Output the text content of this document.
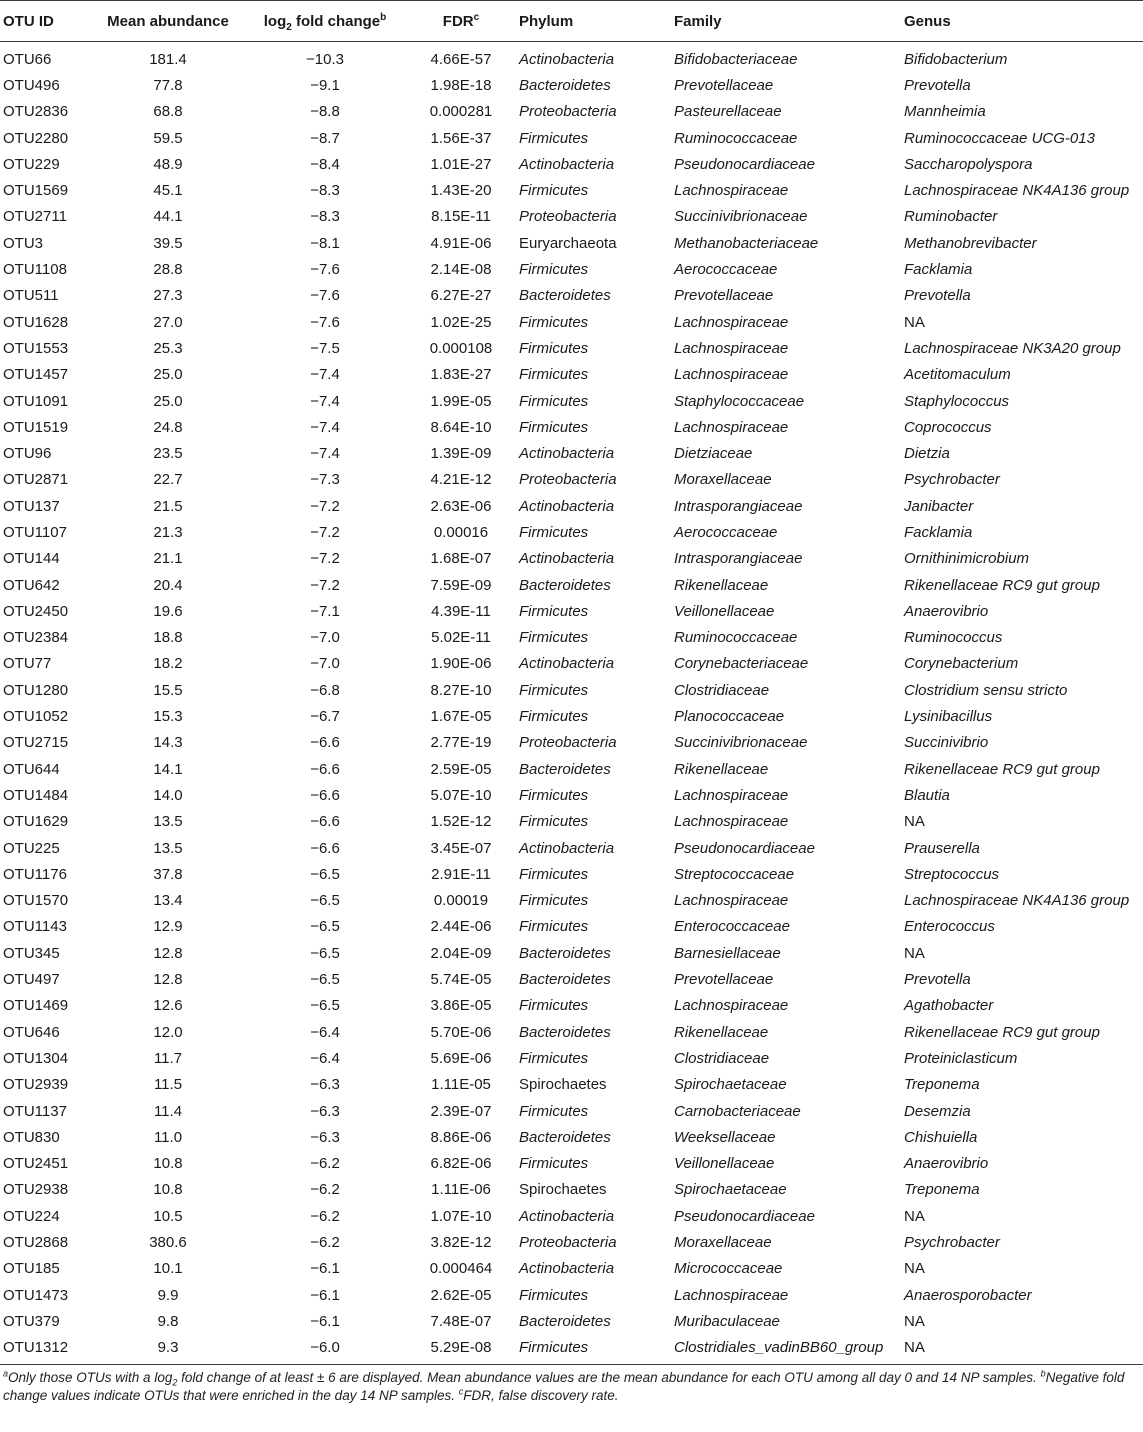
OTU ID	Mean abundance	$\log_2$ fold change$^b$	FDR$^c$	Phylum	Family	Genus
OTU66	181.4	−10.3	4.66E-57	Actinobacteria	Bifidobacteriaceae	Bifidobacterium
OTU496	77.8	−9.1	1.98E-18	Bacteroidetes	Prevotellaceae	Prevotella
OTU2836	68.8	−8.8	0.000281	Proteobacteria	Pasteurellaceae	Mannheimia
OTU2280	59.5	−8.7	1.56E-37	Firmicutes	Ruminococcaceae	Ruminococcaceae UCG-013
OTU229	48.9	−8.4	1.01E-27	Actinobacteria	Pseudonocardiaceae	Saccharopolyspora
OTU1569	45.1	−8.3	1.43E-20	Firmicutes	Lachnospiraceae	Lachnospiraceae NK4A136 group
OTU2711	44.1	−8.3	8.15E-11	Proteobacteria	Succinivibrionaceae	Ruminobacter
OTU3	39.5	−8.1	4.91E-06	Euryarchaeota	Methanobacteriaceae	Methanobrevibacter
OTU1108	28.8	−7.6	2.14E-08	Firmicutes	Aerococcaceae	Facklamia
OTU511	27.3	−7.6	6.27E-27	Bacteroidetes	Prevotellaceae	Prevotella
OTU1628	27.0	−7.6	1.02E-25	Firmicutes	Lachnospiraceae	NA
OTU1553	25.3	−7.5	0.000108	Firmicutes	Lachnospiraceae	Lachnospiraceae NK3A20 group
OTU1457	25.0	−7.4	1.83E-27	Firmicutes	Lachnospiraceae	Acetitomaculum
OTU1091	25.0	−7.4	1.99E-05	Firmicutes	Staphylococcaceae	Staphylococcus
OTU1519	24.8	−7.4	8.64E-10	Firmicutes	Lachnospiraceae	Coprococcus
OTU96	23.5	−7.4	1.39E-09	Actinobacteria	Dietziaceae	Dietzia
OTU2871	22.7	−7.3	4.21E-12	Proteobacteria	Moraxellaceae	Psychrobacter
OTU137	21.5	−7.2	2.63E-06	Actinobacteria	Intrasporangiaceae	Janibacter
OTU1107	21.3	−7.2	0.00016	Firmicutes	Aerococcaceae	Facklamia
OTU144	21.1	−7.2	1.68E-07	Actinobacteria	Intrasporangiaceae	Ornithinimicrobium
OTU642	20.4	−7.2	7.59E-09	Bacteroidetes	Rikenellaceae	Rikenellaceae RC9 gut group
OTU2450	19.6	−7.1	4.39E-11	Firmicutes	Veillonellaceae	Anaerovibrio
OTU2384	18.8	−7.0	5.02E-11	Firmicutes	Ruminococcaceae	Ruminococcus
OTU77	18.2	−7.0	1.90E-06	Actinobacteria	Corynebacteriaceae	Corynebacterium
OTU1280	15.5	−6.8	8.27E-10	Firmicutes	Clostridiaceae	Clostridium sensu stricto
OTU1052	15.3	−6.7	1.67E-05	Firmicutes	Planococcaceae	Lysinibacillus
OTU2715	14.3	−6.6	2.77E-19	Proteobacteria	Succinivibrionaceae	Succinivibrio
OTU644	14.1	−6.6	2.59E-05	Bacteroidetes	Rikenellaceae	Rikenellaceae RC9 gut group
OTU1484	14.0	−6.6	5.07E-10	Firmicutes	Lachnospiraceae	Blautia
OTU1629	13.5	−6.6	1.52E-12	Firmicutes	Lachnospiraceae	NA
OTU225	13.5	−6.6	3.45E-07	Actinobacteria	Pseudonocardiaceae	Prauserella
OTU1176	37.8	−6.5	2.91E-11	Firmicutes	Streptococcaceae	Streptococcus
OTU1570	13.4	−6.5	0.00019	Firmicutes	Lachnospiraceae	Lachnospiraceae NK4A136 group
OTU1143	12.9	−6.5	2.44E-06	Firmicutes	Enterococcaceae	Enterococcus
OTU345	12.8	−6.5	2.04E-09	Bacteroidetes	Barnesiellaceae	NA
OTU497	12.8	−6.5	5.74E-05	Bacteroidetes	Prevotellaceae	Prevotella
OTU1469	12.6	−6.5	3.86E-05	Firmicutes	Lachnospiraceae	Agathobacter
OTU646	12.0	−6.4	5.70E-06	Bacteroidetes	Rikenellaceae	Rikenellaceae RC9 gut group
OTU1304	11.7	−6.4	5.69E-06	Firmicutes	Clostridiaceae	Proteiniclasticum
OTU2939	11.5	−6.3	1.11E-05	Spirochaetes	Spirochaetaceae	Treponema
OTU1137	11.4	−6.3	2.39E-07	Firmicutes	Carnobacteriaceae	Desemzia
OTU830	11.0	−6.3	8.86E-06	Bacteroidetes	Weeksellaceae	Chishuiella
OTU2451	10.8	−6.2	6.82E-06	Firmicutes	Veillonellaceae	Anaerovibrio
OTU2938	10.8	−6.2	1.11E-06	Spirochaetes	Spirochaetaceae	Treponema
OTU224	10.5	−6.2	1.07E-10	Actinobacteria	Pseudonocardiaceae	NA
OTU2868	380.6	−6.2	3.82E-12	Proteobacteria	Moraxellaceae	Psychrobacter
OTU185	10.1	−6.1	0.000464	Actinobacteria	Micrococcaceae	NA
OTU1473	9.9	−6.1	2.62E-05	Firmicutes	Lachnospiraceae	Anaerosporobacter
OTU379	9.8	−6.1	7.48E-07	Bacteroidetes	Muribaculaceae	NA
OTU1312	9.3	−6.0	5.29E-08	Firmicutes	Clostridiales_vadinBB60_group	NA
$^a$Only those OTUs with a $\log_2$ fold change of at least ± 6 are displayed. Mean abundance values are the mean abundance for each OTU among all day 0 and 14 NP samples. $^b$Negative fold change values indicate OTUs that were enriched in the day 14 NP samples. $^c$FDR, false discovery rate.
